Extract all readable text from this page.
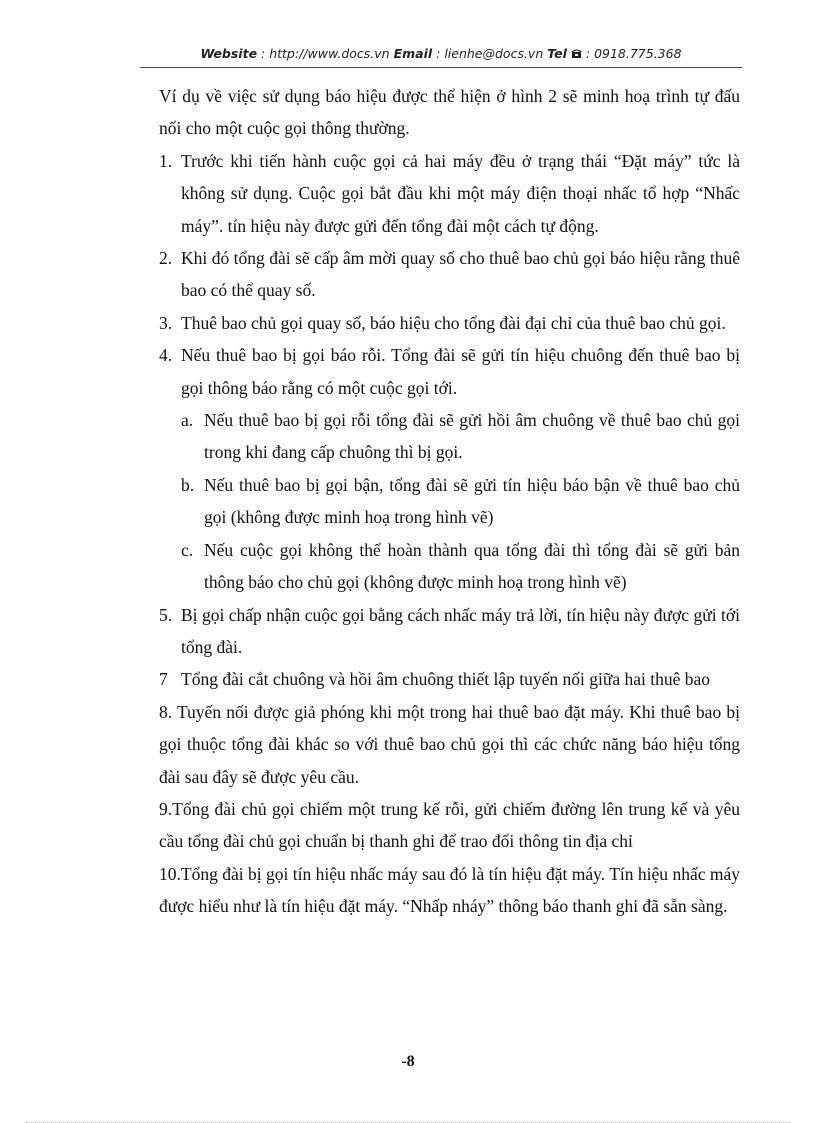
Website : http://www.docs.vn Email : lienhe@docs.vn Tel  : 0918.775.368

Ví dụ về việc sử dụng báo hiệu được thể hiện ở hình 2 sẽ minh hoạ trình tự đấu nối cho một cuộc gọi thông thường.

1. Trước khi tiến hành cuộc gọi cả hai máy đều ở trạng thái “Đặt máy” tức là không sử dụng. Cuộc gọi bắt đầu khi một máy điện thoại nhấc tổ hợp “Nhấc máy”. tín hiệu này được gửi đến tổng đài một cách tự động.

2. Khi đó tổng đài sẽ cấp âm mời quay số cho thuê bao chủ gọi báo hiệu rằng thuê bao có thể quay số.

3. Thuê bao chủ gọi quay số, báo hiệu cho tổng đài đại chỉ của thuê bao chủ gọi.

4. Nếu thuê bao bị gọi báo rỗi. Tổng đài sẽ gửi tín hiệu chuông đến thuê bao bị gọi thông báo rằng có một cuộc gọi tới.

a. Nếu thuê bao bị gọi rỗi tổng đài sẽ gửi hồi âm chuông về thuê bao chủ gọi trong khi đang cấp chuông thì bị gọi.

b. Nếu thuê bao bị gọi bận, tổng đài sẽ gửi tín hiệu báo bận về thuê bao chủ gọi (không được minh hoạ trong hình vẽ)

c. Nếu cuộc gọi không thể hoàn thành qua tổng đài thì tổng đài sẽ gửi bản thông báo cho chủ gọi (không được minh hoạ trong hình vẽ)

5. Bị gọi chấp nhận cuộc gọi bằng cách nhấc máy trả lời, tín hiệu này được gửi tới tổng đài.

7 Tổng đài cắt chuông và hồi âm chuông thiết lập tuyến nối giữa hai thuê bao

8. Tuyến nối được giả phóng khi một trong hai thuê bao đặt máy. Khi thuê bao bị gọi thuộc tổng đài khác so với thuê bao chủ gọi thì các chức năng báo hiệu tổng đài sau đây sẽ được yêu cầu.

9.Tổng đài chủ gọi chiếm một trung kế rỗi, gửi chiếm đường lên trung kế và yêu cầu tổng đài chủ gọi chuẩn bị thanh ghi để trao đổi thông tin địa chỉ

10.Tổng đài bị gọi tín hiệu nhấc máy sau đó là tín hiệu đặt máy. Tín hiệu nhấc máy được hiểu như là tín hiệu đặt máy. “Nhấp nháy” thông báo thanh ghi đã sẵn sàng.

-8
